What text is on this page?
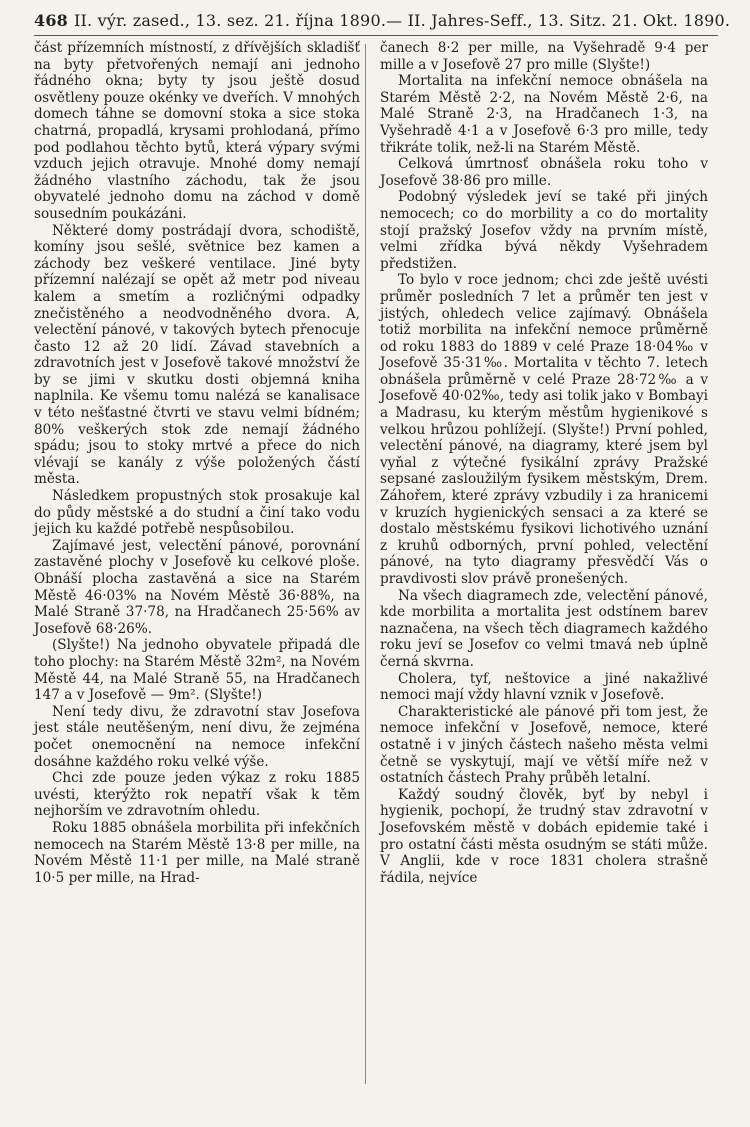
468 II. výr. zased., 13. sez. 21. října 1890. — II. Jahres-Seff., 13. Sitz. 21. Okt. 1890.

část přízemních místností, z dřívějších skladišť na byty přetvořených nemají ani jednoho řádného okna; byty ty jsou ještě dosud osvětleny pouze okénky ve dveřích. V mnohých domech táhne se domovní stoka a sice stoka chatrná, propadlá, krysami prohlodaná, přímo pod podlahou těchto bytů, která výpary svými vzduch jejich otravuje. Mnohé domy nemají žádného vlastního záchodu, tak že jsou obyvatelé jednoho domu na záchod v domě sousedním poukázáni.

Některé domy postrádají dvora, schodiště, komíny jsou sešlé, světnice bez kamen a záchody bez veškeré ventilace. Jiné byty přízemní nalézají se opět až metr pod niveau kalem a smetím a rozličnými odpadky znečistěného a neodvodněného dvora. A, velectění pánové, v takových bytech přenocuje často 12 až 20 lidí. Závad stavebních a zdravotních jest v Josefově takové množství že by se jimi v skutku dosti objemná kniha naplnila. Ke všemu tomu nalézá se kanalisace v této nešťastné čtvrti ve stavu velmi bídném; 80% veškerých stok zde nemají žádného spádu; jsou to stoky mrtvé a přece do nich vlévají se kanály z výše položených částí města.

Následkem propustných stok prosakuje kal do půdy městské a do studní a činí tako vodu jejich ku každé potřebě nespůsobilou.

Zajímavé jest, velectění pánové, porovnání zastavěné plochy v Josefově ku celkové ploše. Obnáší plocha zastavěná a sice na Starém Městě 46·03% na Novém Městě 36·88%, na Malé Straně 37·78, na Hradčanech 25·56% av Josefově 68·26%.

(Slyšte!) Na jednoho obyvatele připadá dle toho plochy: na Starém Městě 32m², na Novém Městě 44, na Malé Straně 55, na Hradčanech 147 a v Josefově — 9m². (Slyšte!)

Není tedy divu, že zdravotní stav Josefova jest stále neutěšeným, není divu, že zejména počet onemocnění na nemoce infekční dosáhne každého roku velké výše.

Chci zde pouze jeden výkaz z roku 1885 uvésti, kterýžto rok nepatří však k těm nejhorším ve zdravotním ohledu.

Roku 1885 obnášela morbilita při infekčních nemocech na Starém Městě 13·8 per mille, na Novém Městě 11·1 per mille, na Malé straně 10·5 per mille, na Hrad-

čanech 8·2 per mille, na Vyšehradě 9·4 per mille a v Josefově 27 pro mille (Slyšte!)

Mortalita na infekční nemoce obnášela na Starém Městě 2·2, na Novém Městě 2·6, na Malé Straně 2·3, na Hradčanech 1·3, na Vyšehradě 4·1 a v Josefově 6·3 pro mille, tedy třikráte tolik, než-li na Starém Městě.

Celková úmrtnosť obnášela roku toho v Josefově 38·86 pro mille.

Podobný výsledek jeví se také při jiných nemocech; co do morbility a co do mortality stojí pražský Josefov vždy na prvním místě, velmi zřídka bývá někdy Vyšehradem předstižen.

To bylo v roce jednom; chci zde ještě uvésti průměr posledních 7 let a průměr ten jest v jistých, ohledech velice zajímavý. Obnášela totiž morbilita na infekční nemoce průměrně od roku 1883 do 1889 v celé Praze 18·04‰ v Josefově 35·31‰. Mortalita v těchto 7. letech obnášela průměrně v celé Praze 28·72‰ a v Josefově 40·02‰, tedy asi tolik jako v Bombayi a Madrasu, ku kterým městům hygienikové s velkou hrůzou pohlížejí. (Slyšte!) První pohled, velectění pánové, na diagramy, které jsem byl vyňal z výtečné fysikální zprávy Pražské sepsané zasloužilým fysikem městským, Drem. Záhořem, které zprávy vzbudily i za hranicemi v kruzích hygienických sensaci a za které se dostalo městskému fysikovi lichotivého uznání z kruhů odborných, první pohled, velectění pánové, na tyto diagramy přesvědčí Vás o pravdivosti slov právě pronešených.

Na všech diagramech zde, velectění pánové, kde morbilita a mortalita jest odstínem barev naznačena, na všech těch diagramech každého roku jeví se Josefov co velmi tmavá neb úplně černá skvrna.

Cholera, tyf, neštovice a jiné nakažlivé nemoci mají vždy hlavní vznik v Josefově.

Charakteristické ale pánové při tom jest, že nemoce infekční v Josefově, nemoce, které ostatně i v jiných částech našeho města velmi četně se vyskytují, mají ve větší míře než v ostatních částech Prahy průběh letalní.

Každý soudný člověk, byť by nebyl i hygienik, pochopí, že trudný stav zdravotní v Josefovském městě v dobách epidemie také i pro ostatní části města osudným se státi může. V Anglii, kde v roce 1831 cholera strašně řádila, nejvíce
